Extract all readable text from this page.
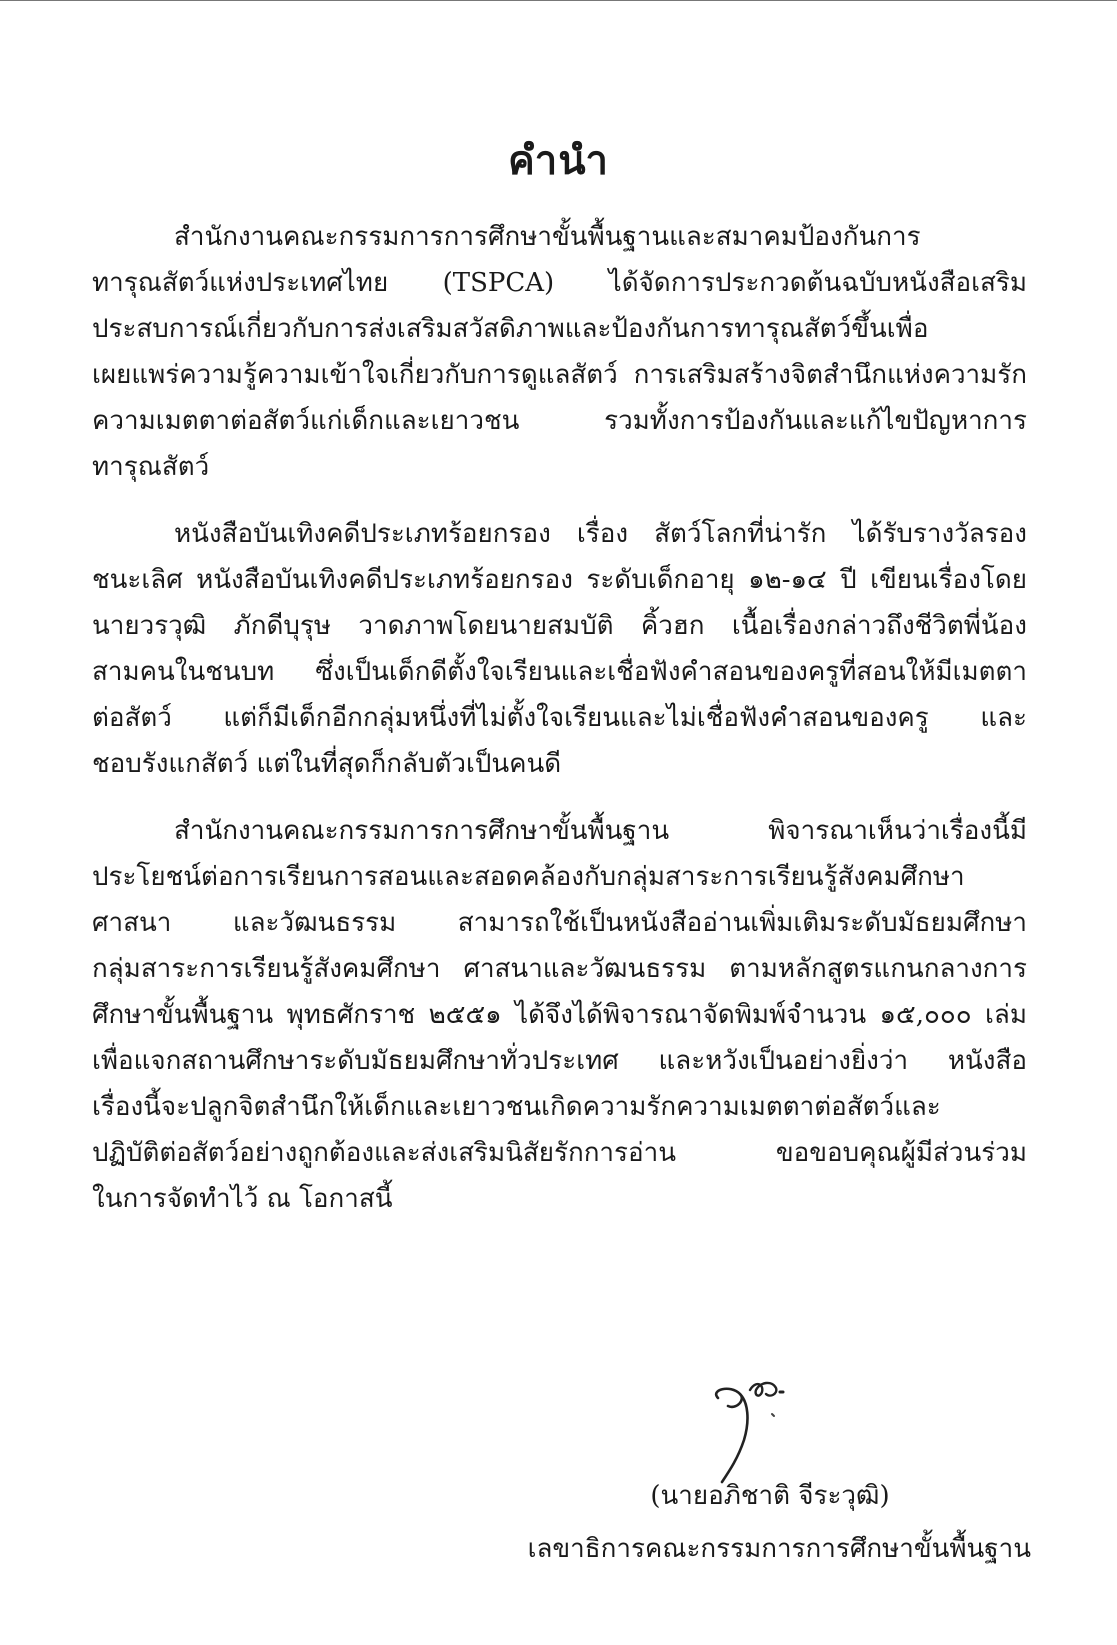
คำนำ
สำนักงานคณะกรรมการการศึกษาขั้นพื้นฐานและสมาคมป้องกันการ
ทารุณสัตว์แห่งประเทศไทย (TSPCA) ได้จัดการประกวดต้นฉบับหนังสือเสริม
ประสบการณ์เกี่ยวกับการส่งเสริมสวัสดิภาพและป้องกันการทารุณสัตว์ขึ้นเพื่อ
เผยแพร่ความรู้ความเข้าใจเกี่ยวกับการดูแลสัตว์ การเสริมสร้างจิตสำนึกแห่งความรัก
ความเมตตาต่อสัตว์แก่เด็กและเยาวชน รวมทั้งการป้องกันและแก้ไขปัญหาการ
ทารุณสัตว์
หนังสือบันเทิงคดีประเภทร้อยกรอง เรื่อง สัตว์โลกที่น่ารัก ได้รับรางวัลรอง
ชนะเลิศ หนังสือบันเทิงคดีประเภทร้อยกรอง ระดับเด็กอายุ ๑๒-๑๔ ปี เขียนเรื่องโดย
นายวรวุฒิ ภักดีบุรุษ วาดภาพโดยนายสมบัติ คิ้วฮก เนื้อเรื่องกล่าวถึงชีวิตพี่น้อง
สามคนในชนบท ซึ่งเป็นเด็กดีตั้งใจเรียนและเชื่อฟังคำสอนของครูที่สอนให้มีเมตตา
ต่อสัตว์ แต่ก็มีเด็กอีกกลุ่มหนึ่งที่ไม่ตั้งใจเรียนและไม่เชื่อฟังคำสอนของครู และ
ชอบรังแกสัตว์ แต่ในที่สุดก็กลับตัวเป็นคนดี
สำนักงานคณะกรรมการการศึกษาขั้นพื้นฐาน พิจารณาเห็นว่าเรื่องนี้มี
ประโยชน์ต่อการเรียนการสอนและสอดคล้องกับกลุ่มสาระการเรียนรู้สังคมศึกษา
ศาสนา และวัฒนธรรม สามารถใช้เป็นหนังสืออ่านเพิ่มเติมระดับมัธยมศึกษา
กลุ่มสาระการเรียนรู้สังคมศึกษา ศาสนาและวัฒนธรรม ตามหลักสูตรแกนกลางการ
ศึกษาขั้นพื้นฐาน พุทธศักราช ๒๕๕๑ ได้จึงได้พิจารณาจัดพิมพ์จำนวน ๑๕,๐๐๐ เล่ม
เพื่อแจกสถานศึกษาระดับมัธยมศึกษาทั่วประเทศ และหวังเป็นอย่างยิ่งว่า หนังสือ
เรื่องนี้จะปลูกจิตสำนึกให้เด็กและเยาวชนเกิดความรักความเมตตาต่อสัตว์และ
ปฏิบัติต่อสัตว์อย่างถูกต้องและส่งเสริมนิสัยรักการอ่าน ขอขอบคุณผู้มีส่วนร่วม
ในการจัดทำไว้ ณ โอกาสนี้
(นายอภิชาติ จีระวุฒิ)
เลขาธิการคณะกรรมการการศึกษาขั้นพื้นฐาน
